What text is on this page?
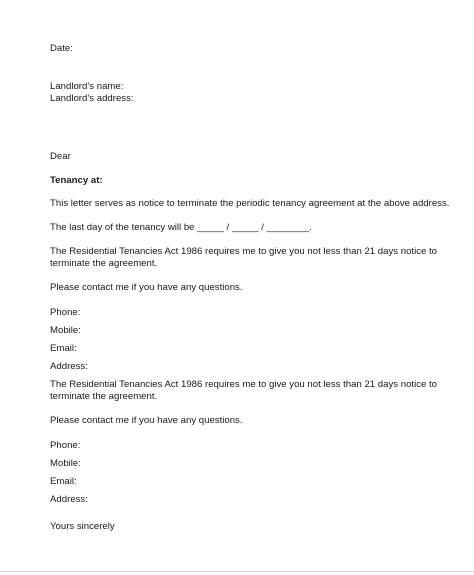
Date:
Landlord’s name:
Landlord’s address:
Dear
Tenancy at:
This letter serves as notice to terminate the periodic tenancy agreement at the above address.
The last day of the tenancy will be _____ / _____ / ________.
The Residential Tenancies Act 1986 requires me to give you not less than 21 days notice to
terminate the agreement.
Please contact me if you have any questions.
Phone:
Mobile:
Email:
Address:
The Residential Tenancies Act 1986 requires me to give you not less than 21 days notice to
terminate the agreement.
Please contact me if you have any questions.
Phone:
Mobile:
Email:
Address:
Yours sincerely
